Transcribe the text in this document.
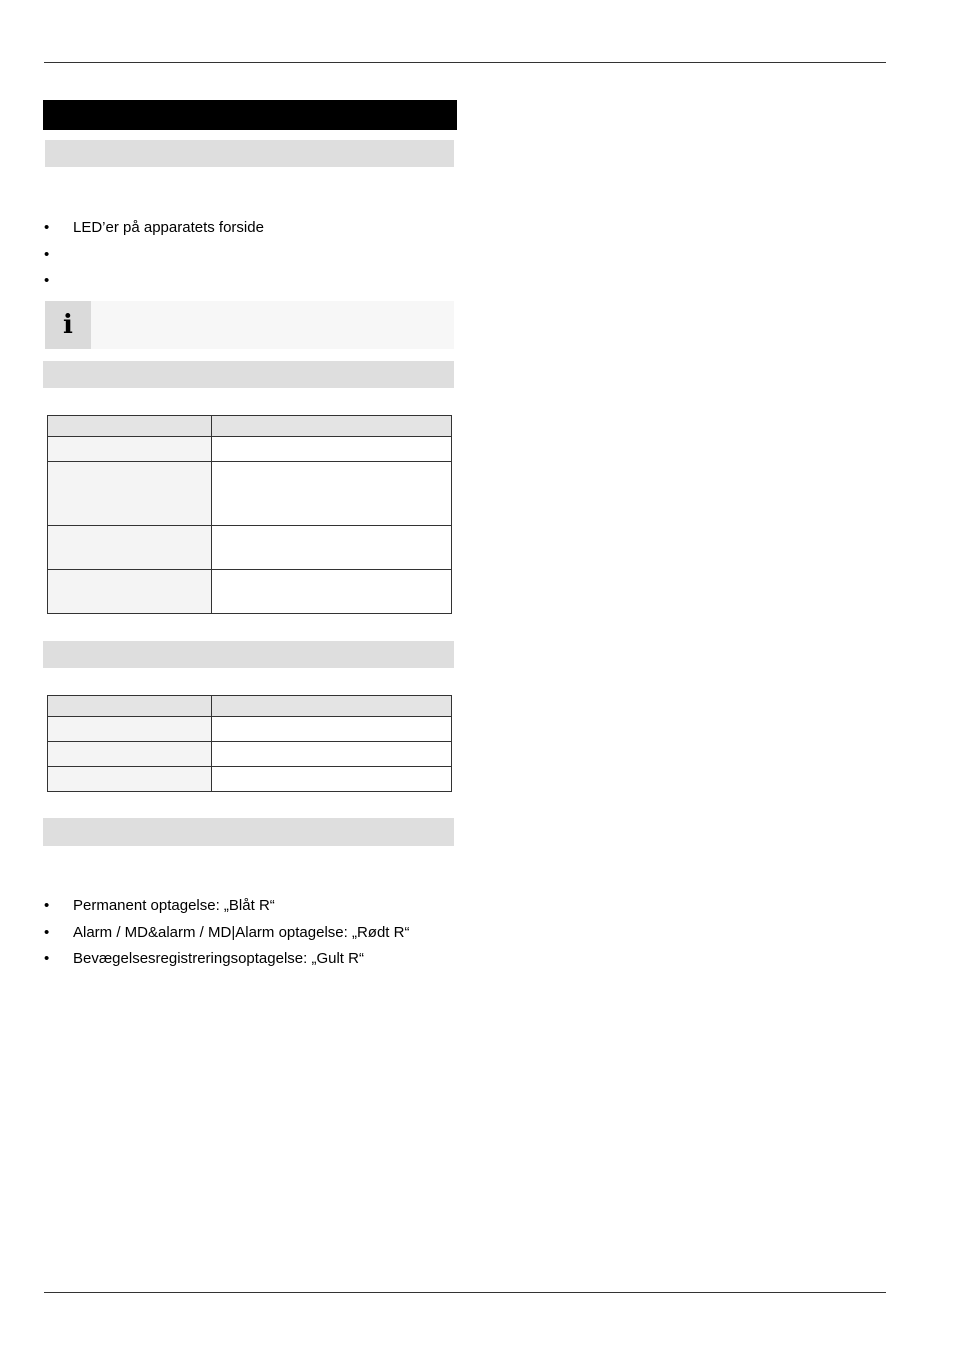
• LED’er på apparatets forside
•
•
i

• Permanent optagelse: „Blåt R“
• Alarm / MD&alarm / MD|Alarm optagelse: „Rødt R“
• Bevægelsesregistreringsoptagelse: „Gult R“
